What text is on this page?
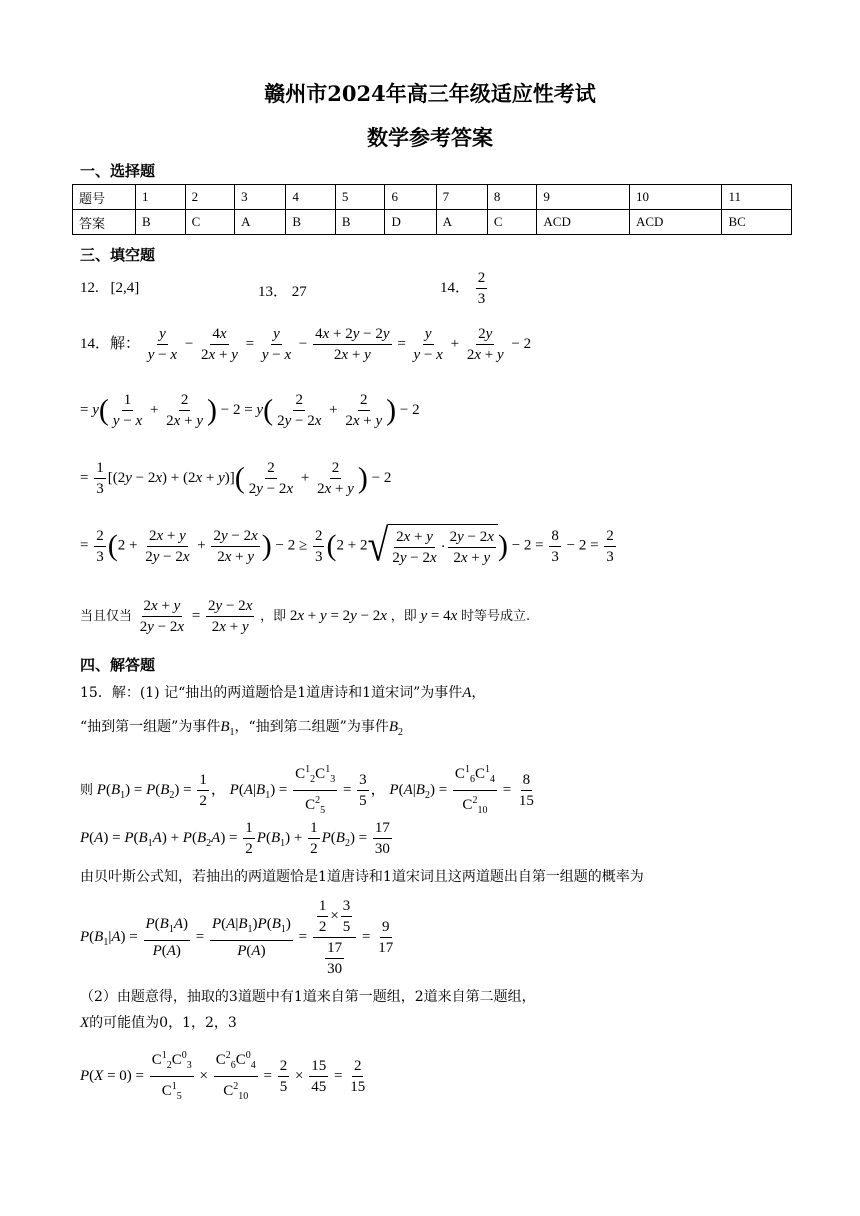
赣州市2024年高三年级适应性考试
数学参考答案
一、选择题
题号	1	2	3	4	5	6	7	8	9	10	11
答案	B	C	A	B	B	D	A	C	ACD	ACD	BC
三、填空题
12. [2,4]	13． 27	14． $\frac{2}{3}$
14．解： $\frac{y}{y - x} - \frac{4x}{2x + y} = \frac{y}{y - x} - \frac{4x + 2y - 2y}{2x + y} = \frac{y}{y - x} + \frac{2y}{2x + y} - 2$
= $y( \frac{1}{y - x} + \frac{2}{2x + y}$ ) − $2 = y( \frac{2}{2y - 2x} + \frac{2}{2x + y}$ ) − 2
= $\frac{1}{3} [(2y - 2x) + (2x + y)]( \frac{2}{2y - 2x} + \frac{2}{2x + y}$ ) − 2
= $\frac{2}{3} (2 + \frac{2x + y}{2y - 2x} + \frac{2y - 2x}{2x + y}$ ) − $2 \ge \frac{2}{3} (2 + 2$ √ $\frac{2x + y}{2y - 2x} \cdot \frac{2y - 2x}{2x + y}$ ) − $2 = \frac{8}{3} - 2 = \frac{2}{3}$
当且仅当 $\frac{2x + y}{2y - 2x} = \frac{2y - 2x}{2x + y}$ ，即 2x + y = 2y − 2x ，即 y = 4x 时等号成立.
四、解答题
15．解：(1) 记“抽出的两道题恰是1道唐诗和1道宋词”为事件A，
“抽到第一组题”为事件$B_1$，“抽到第二组题”为事件$B_2$
则 $P(B_1) = P(B_2) = \frac{1}{2}$ ， $P(A|B_1) = \frac{C^1_2C^1_3}{C^2_5} = \frac{3}{5}$ ， $P(A|B_2) = \frac{C^1_6C^1_4}{C^2_{10}} = \frac{8}{15}$
$P(A) = P(B_1A) + P(B_2A) = \frac{1}{2} P(B_1) + \frac{1}{2} P(B_2) = \frac{17}{30}$
由贝叶斯公式知，若抽出的两道题恰是1道唐诗和1道宋词且这两道题出自第一组题的概率为
$P(B_1|A) = \frac{P(B_1A)}{P(A)} = \frac{P(A|B_1)P(B_1)}{P(A)} = \frac{\frac{1}{2} \times \frac{3}{5}}{\frac{17}{30}} = \frac{9}{17}$
（2）由题意得，抽取的3道题中有1道来自第一题组，2道来自第二题组，
X的可能值为0，1，2，3
$P(X = 0) = \frac{C^1_2C^0_3}{C^1_5} \times \frac{C^2_6C^0_4}{C^2_{10}} = \frac{2}{5} \times \frac{15}{45} = \frac{2}{15}$
